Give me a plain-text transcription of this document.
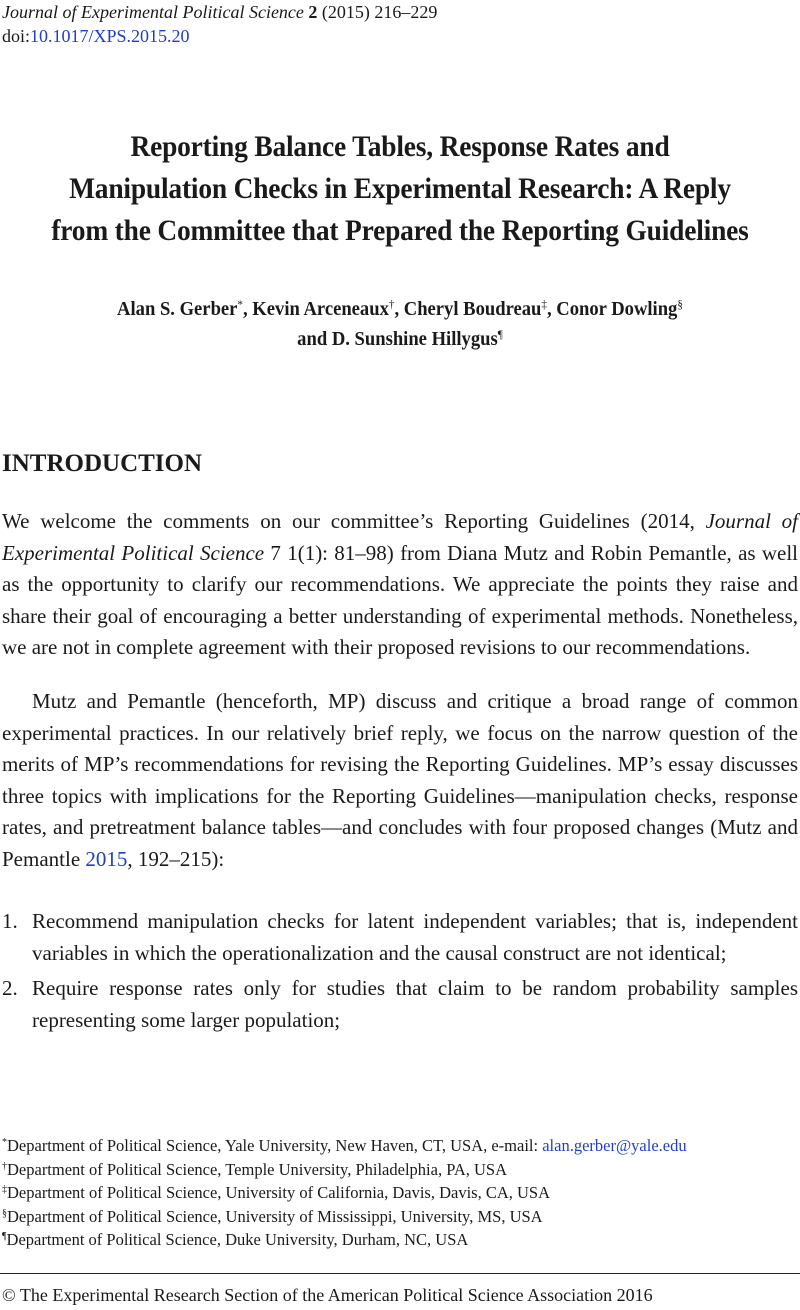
Journal of Experimental Political Science 2 (2015) 216–229
doi:10.1017/XPS.2015.20
Reporting Balance Tables, Response Rates and
Manipulation Checks in Experimental Research: A Reply
from the Committee that Prepared the Reporting Guidelines
Alan S. Gerber*, Kevin Arceneaux†, Cheryl Boudreau‡, Conor Dowling§
and D. Sunshine Hillygus¶
INTRODUCTION

We welcome the comments on our committee’s Reporting Guidelines (2014, Journal of Experimental Political Science 7 1(1): 81–98) from Diana Mutz and Robin Pemantle, as well as the opportunity to clarify our recommendations. We appreciate the points they raise and share their goal of encouraging a better understanding of experimental methods. Nonetheless, we are not in complete agreement with their proposed revisions to our recommendations.

Mutz and Pemantle (henceforth, MP) discuss and critique a broad range of common experimental practices. In our relatively brief reply, we focus on the narrow question of the merits of MP’s recommendations for revising the Reporting Guidelines. MP’s essay discusses three topics with implications for the Reporting Guidelines—manipulation checks, response rates, and pretreatment balance tables—and concludes with four proposed changes (Mutz and Pemantle 2015, 192–215):

1. Recommend manipulation checks for latent independent variables; that is, independent variables in which the operationalization and the causal construct are not identical;
2. Require response rates only for studies that claim to be random probability samples representing some larger population;
*Department of Political Science, Yale University, New Haven, CT, USA, e-mail: alan.gerber@yale.edu
†Department of Political Science, Temple University, Philadelphia, PA, USA
‡Department of Political Science, University of California, Davis, Davis, CA, USA
§Department of Political Science, University of Mississippi, University, MS, USA
¶Department of Political Science, Duke University, Durham, NC, USA
© The Experimental Research Section of the American Political Science Association 2016
